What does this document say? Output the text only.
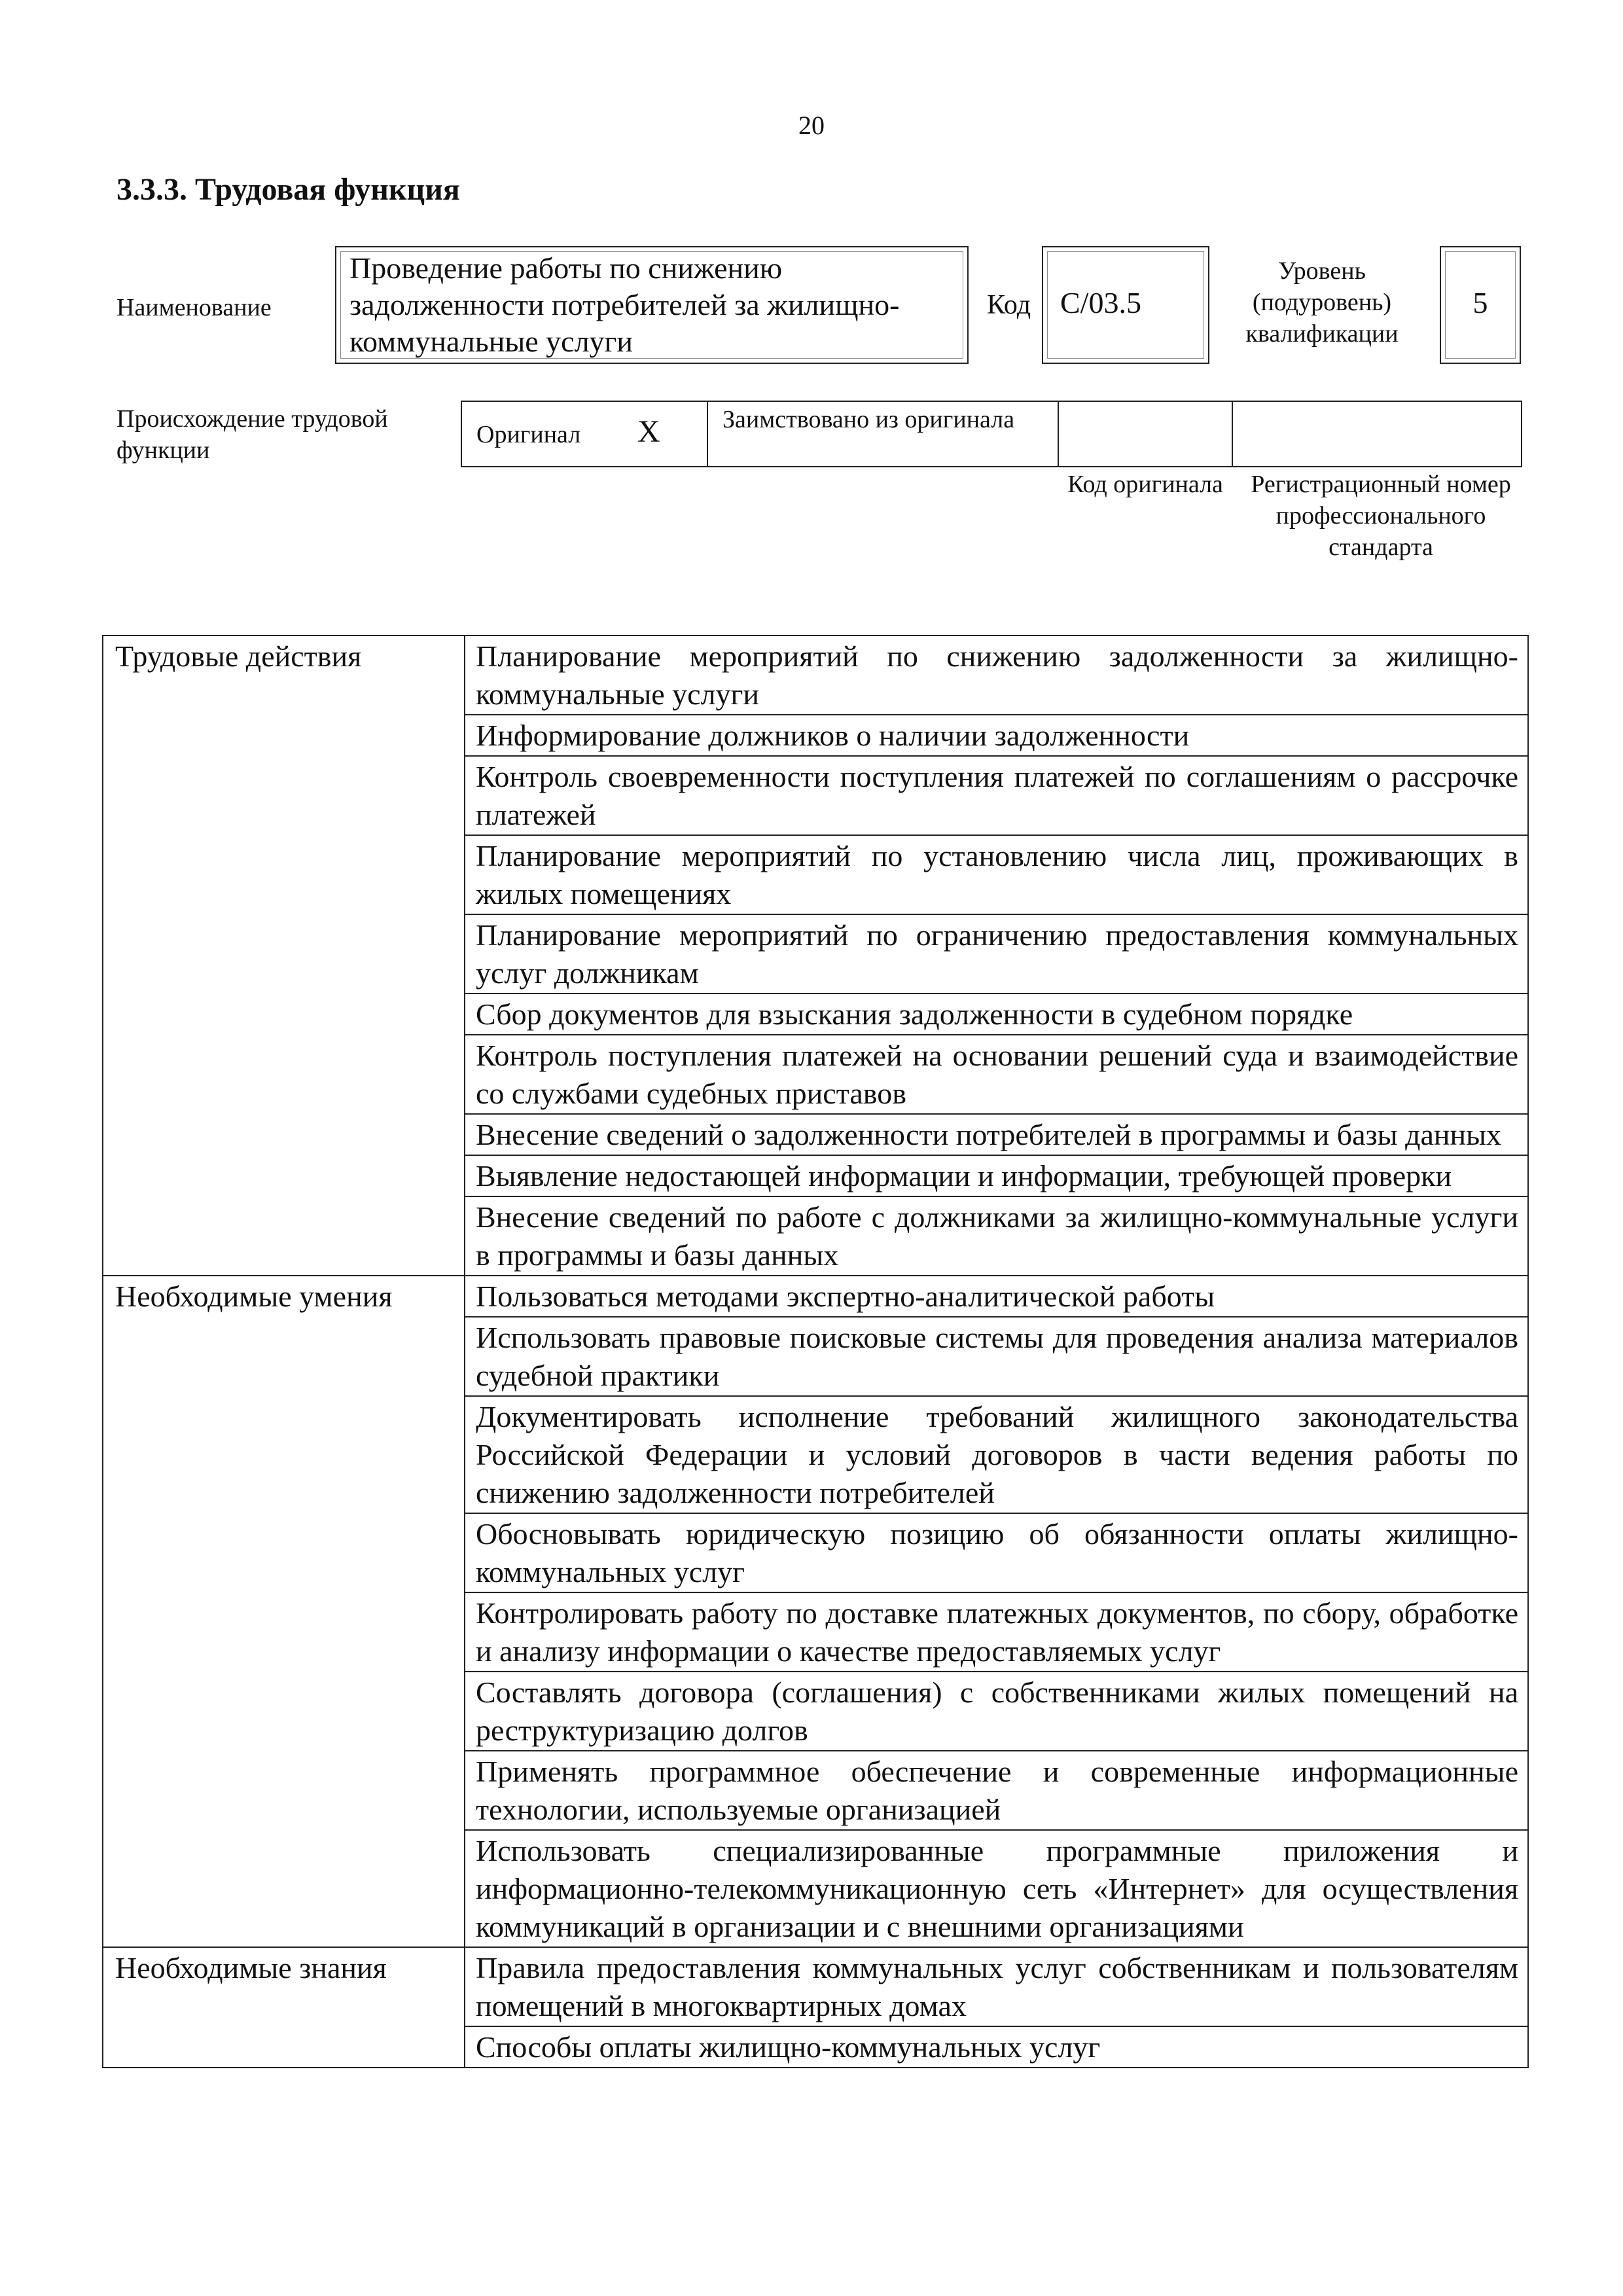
20
3.3.3. Трудовая функция
Наименование
Проведение работы по снижению задолженности потребителей за жилищно-коммунальные услуги
Код C/03.5
Уровень (подуровень) квалификации
5
Происхождение трудовой функции
Оригинал X	Заимствовано из оригинала
Код оригинала Регистрационный номер профессионального стандарта
Трудовые действия	Планирование мероприятий по снижению задолженности за жилищно-коммунальные услуги
	Информирование должников о наличии задолженности
	Контроль своевременности поступления платежей по соглашениям о рассрочке платежей
	Планирование мероприятий по установлению числа лиц, проживающих в жилых помещениях
	Планирование мероприятий по ограничению предоставления коммунальных услуг должникам
	Сбор документов для взыскания задолженности в судебном порядке
	Контроль поступления платежей на основании решений суда и взаимодействие со службами судебных приставов
	Внесение сведений о задолженности потребителей в программы и базы данных
	Выявление недостающей информации и информации, требующей проверки
	Внесение сведений по работе с должниками за жилищно-коммунальные услуги в программы и базы данных
Необходимые умения	Пользоваться методами экспертно-аналитической работы
	Использовать правовые поисковые системы для проведения анализа материалов судебной практики
	Документировать исполнение требований жилищного законодательства Российской Федерации и условий договоров в части ведения работы по снижению задолженности потребителей
	Обосновывать юридическую позицию об обязанности оплаты жилищно-коммунальных услуг
	Контролировать работу по доставке платежных документов, по сбору, обработке и анализу информации о качестве предоставляемых услуг
	Составлять договора (соглашения) с собственниками жилых помещений на реструктуризацию долгов
	Применять программное обеспечение и современные информационные технологии, используемые организацией
	Использовать специализированные программные приложения и информационно-телекоммуникационную сеть «Интернет» для осуществления коммуникаций в организации и с внешними организациями
Необходимые знания	Правила предоставления коммунальных услуг собственникам и пользователям помещений в многоквартирных домах
	Способы оплаты жилищно-коммунальных услуг
